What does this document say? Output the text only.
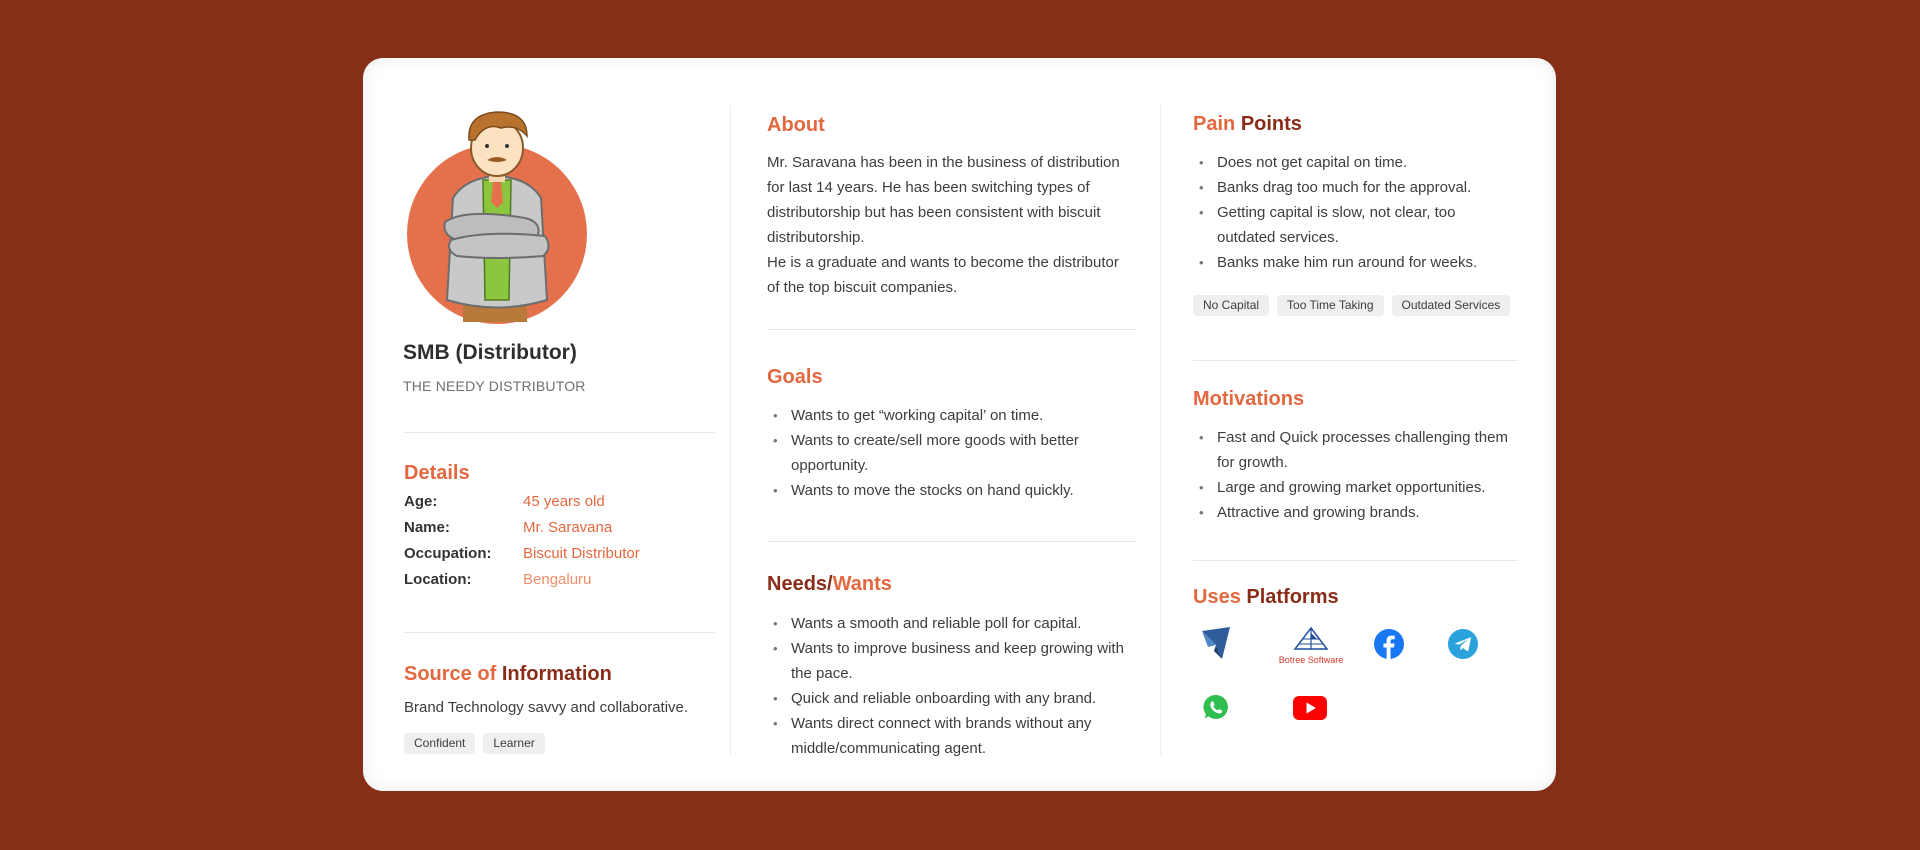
SMB (Distributor)
THE NEEDY DISTRIBUTOR
Details
Age:	45 years old
Name:	Mr. Saravana
Occupation:	Biscuit Distributor
Location:	Bengaluru
Source of Information
Brand Technology savvy and collaborative.
Confident	Learner
About
Mr. Saravana has been in the business of distribution
for last 14 years. He has been switching types of
distributorship but has been consistent with biscuit
distributorship.
He is a graduate and wants to become the distributor
of the top biscuit companies.
Goals
• Wants to get “working capital’ on time.
• Wants to create/sell more goods with better opportunity.
• Wants to move the stocks on hand quickly.
Needs/Wants
• Wants a smooth and reliable poll for capital.
• Wants to improve business and keep growing with the pace.
• Quick and reliable onboarding with any brand.
• Wants direct connect with brands without any middle/communicating agent.
Pain Points
• Does not get capital on time.
• Banks drag too much for the approval.
• Getting capital is slow, not clear, too outdated services.
• Banks make him run around for weeks.
No Capital	Too Time Taking	Outdated Services
Motivations
• Fast and Quick processes challenging them for growth.
• Large and growing market opportunities.
• Attractive and growing brands.
Uses Platforms
Botree Software
